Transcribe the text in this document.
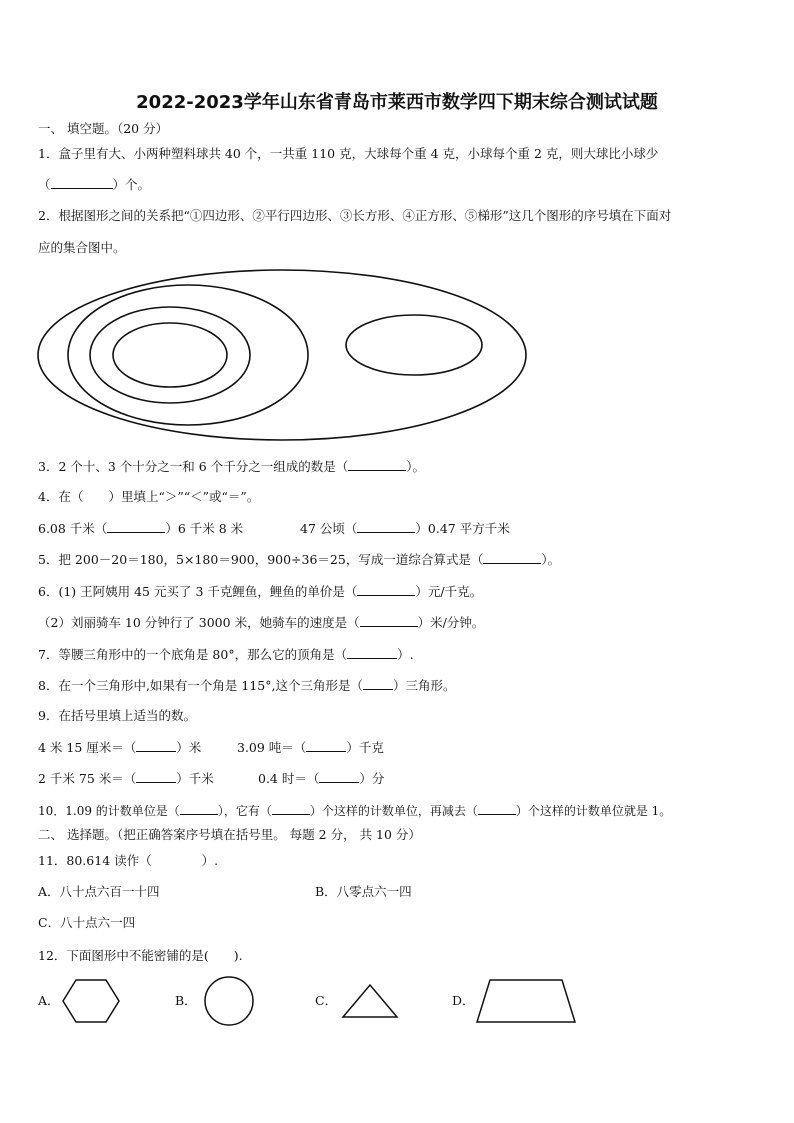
2022-2023学年山东省青岛市莱西市数学四下期末综合测试试题
一、 填空题。（20 分）
1．盒子里有大、小两种塑料球共 40 个，一共重 110 克，大球每个重 4 克，小球每个重 2 克，则大球比小球少
（	）个。
2．根据图形之间的关系把“①四边形、②平行四边形、③长方形、④正方形、⑤梯形”这几个图形的序号填在下面对
应的集合图中。
3．2 个十、3 个十分之一和 6 个千分之一组成的数是（	）。
4．在（　　）里填上“＞”“＜”或“＝”。
6.08 千米（	）6 千米 8 米	47 公顷（	）0.47 平方千米
5．把 200－20＝180，5×180＝900，900÷36＝25，写成一道综合算式是（	）。
6．(1) 王阿姨用 45 元买了 3 千克鲤鱼，鲤鱼的单价是（	）元/千克。
（2）刘丽骑车 10 分钟行了 3000 米，她骑车的速度是（	）米/分钟。
7．等腰三角形中的一个底角是 80°，那么它的顶角是（	）.
8．在一个三角形中,如果有一个角是 115°,这个三角形是（ ）三角形。
9．在括号里填上适当的数。
4 米 15 厘米＝（	）米	3.09 吨＝（	）千克
2 千米 75 米＝（	）千米	0.4 时＝（	）分
10．1.09 的计数单位是（	），它有（	）个这样的计数单位，再减去（	）个这样的计数单位就是 1。
二、 选择题。（把正确答案序号填在括号里。 每题 2 分， 共 10 分）
11．80.614 读作（　　　　）.
A．八十点六百一十四	B．八零点六一四
C．八十点六一四
12．下面图形中不能密铺的是(　　).
A．	B．	C．	D．
